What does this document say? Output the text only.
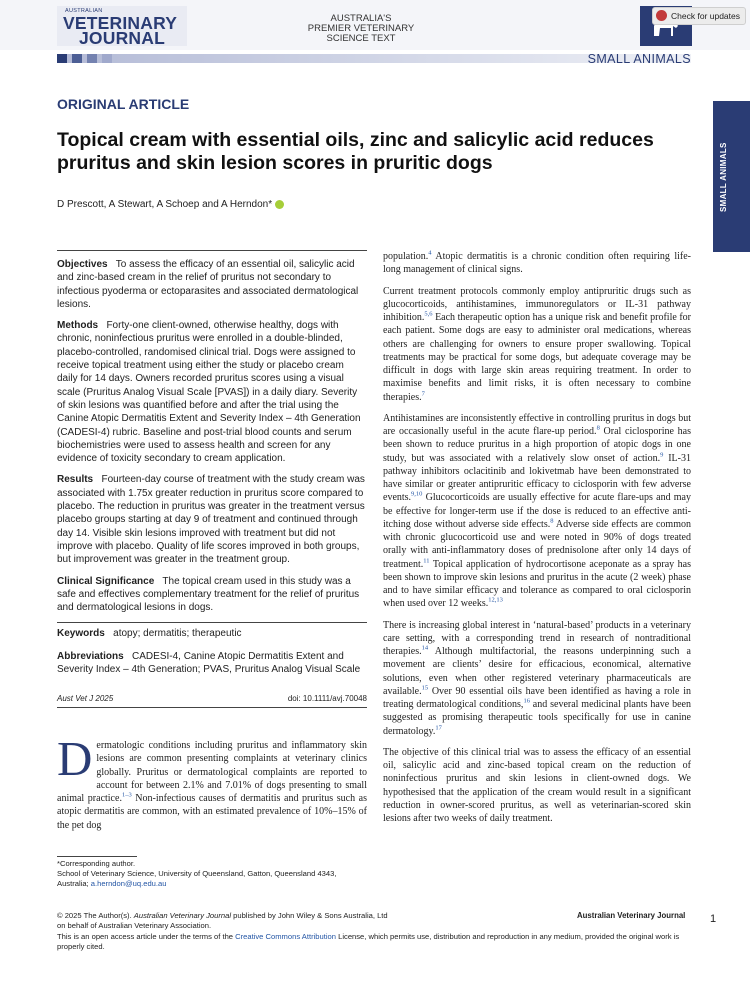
AUSTRALIAN
VETERINARY
JOURNAL
AUSTRALIA'S
PREMIER VETERINARY
SCIENCE TEXT
Check for updates
SMALL ANIMALS
SMALL ANIMALS
ORIGINAL ARTICLE
Topical cream with essential oils, zinc and salicylic acid reduces pruritus and skin lesion scores in pruritic dogs
D Prescott, A Stewart, A Schoep and A Herndon*

Objectives To assess the efficacy of an essential oil, salicylic acid and zinc-based cream in the relief of pruritus not secondary to infectious pyoderma or ectoparasites and associated dermatological lesions.

Methods Forty-one client-owned, otherwise healthy, dogs with chronic, noninfectious pruritus were enrolled in a double-blinded, placebo-controlled, randomised clinical trial. Dogs were assigned to receive topical treatment using either the study or placebo cream daily for 14 days. Owners recorded pruritus scores using a visual scale (Pruritus Analog Visual Scale [PVAS]) in a daily diary. Severity of skin lesions was quantified before and after the trial using the Canine Atopic Dermatitis Extent and Severity Index – 4th Generation (CADESI-4) rubric. Baseline and post-trial blood counts and serum biochemistries were used to assess health and screen for any evidence of toxicity secondary to cream application.

Results Fourteen-day course of treatment with the study cream was associated with 1.75x greater reduction in pruritus score compared to placebo. The reduction in pruritus was greater in the treatment versus placebo groups starting at day 9 of treatment and continued through day 14. Visible skin lesions improved with treatment but did not improve with placebo. Quality of life scores improved in both groups, but improvement was greater in the treatment group.

Clinical Significance The topical cream used in this study was a safe and effectives complementary treatment for the relief of pruritus and dermatological lesions in dogs.

Keywords atopy; dermatitis; therapeutic

Abbreviations CADESI-4, Canine Atopic Dermatitis Extent and Severity Index – 4th Generation; PVAS, Pruritus Analog Visual Scale

Aust Vet J 2025	doi: 10.1111/avj.70048

Dermatologic conditions including pruritus and inflammatory skin lesions are common presenting complaints at veterinary clinics globally. Pruritus or dermatological complaints are reported to account for between 2.1% and 7.01% of dogs presenting to small animal practice.$^{1-3}$ Non-infectious causes of dermatitis and pruritus such as atopic dermatitis are common, with an estimated prevalence of 10%–15% of the pet dog

*Corresponding author.
School of Veterinary Science, University of Queensland, Gatton, Queensland 4343, Australia; a.herndon@uq.edu.au

population.$^4$ Atopic dermatitis is a chronic condition often requiring life-long management of clinical signs.

Current treatment protocols commonly employ antipruritic drugs such as glucocorticoids, antihistamines, immunoregulators or IL-31 pathway inhibition.$^{5,6}$ Each therapeutic option has a unique risk and benefit profile for each patient. Some dogs are easy to administer oral medications, whereas others are challenging for owners to ensure proper swallowing. Topical treatments may be practical for some dogs, but adequate coverage may be difficult in dogs with large skin areas requiring treatment. In order to maximise benefits and limit risks, it is often necessary to combine therapies.$^7$

Antihistamines are inconsistently effective in controlling pruritus in dogs but are occasionally useful in the acute flare-up period.$^8$ Oral ciclosporine has been shown to reduce pruritus in a high proportion of atopic dogs in one study, but was associated with a relatively slow onset of action.$^9$ IL-31 pathway inhibitors oclacitinib and lokivetmab have been demonstrated to have similar or greater antipruritic efficacy to ciclosporin with few adverse events.$^{9,10}$ Glucocorticoids are usually effective for acute flare-ups and may be effective for longer-term use if the dose is reduced to an effective anti-itching dose without adverse side effects.$^8$ Adverse side effects are common with chronic glucocorticoid use and were noted in 90% of dogs treated orally with anti-inflammatory doses of prednisolone after only 14 days of treatment.$^{11}$ Topical application of hydrocortisone aceponate as a spray has been shown to improve skin lesions and pruritus in the acute (2 week) phase and to have similar efficacy and tolerance as compared to oral ciclosporin when used over 12 weeks.$^{12,13}$

There is increasing global interest in ‘natural-based’ products in a veterinary care setting, with a corresponding trend in research of nontraditional therapies.$^{14}$ Although multifactorial, the reasons underpinning such a movement are clients’ desire for efficacious, economical, alternative solutions, even when other registered veterinary pharmaceuticals are available.$^{15}$ Over 90 essential oils have been identified as having a role in treating dermatological conditions,$^{16}$ and several medicinal plants have been suggested as promising therapeutic tools specifically for use in canine dermatology.$^{17}$

The objective of this clinical trial was to assess the efficacy of an essential oil, salicylic acid and zinc-based topical cream on the reduction of noninfectious pruritus and skin lesions in client-owned dogs. We hypothesised that the application of the cream would result in a significant reduction in owner-scored pruritus, as well as veterinarian-scored skin lesions after two weeks of daily treatment.

© 2025 The Author(s). Australian Veterinary Journal published by John Wiley & Sons Australia, Ltd
on behalf of Australian Veterinary Association.

Australian Veterinary Journal 1

This is an open access article under the terms of the Creative Commons Attribution License, which permits use, distribution and reproduction in any medium, provided the original work is properly cited.
